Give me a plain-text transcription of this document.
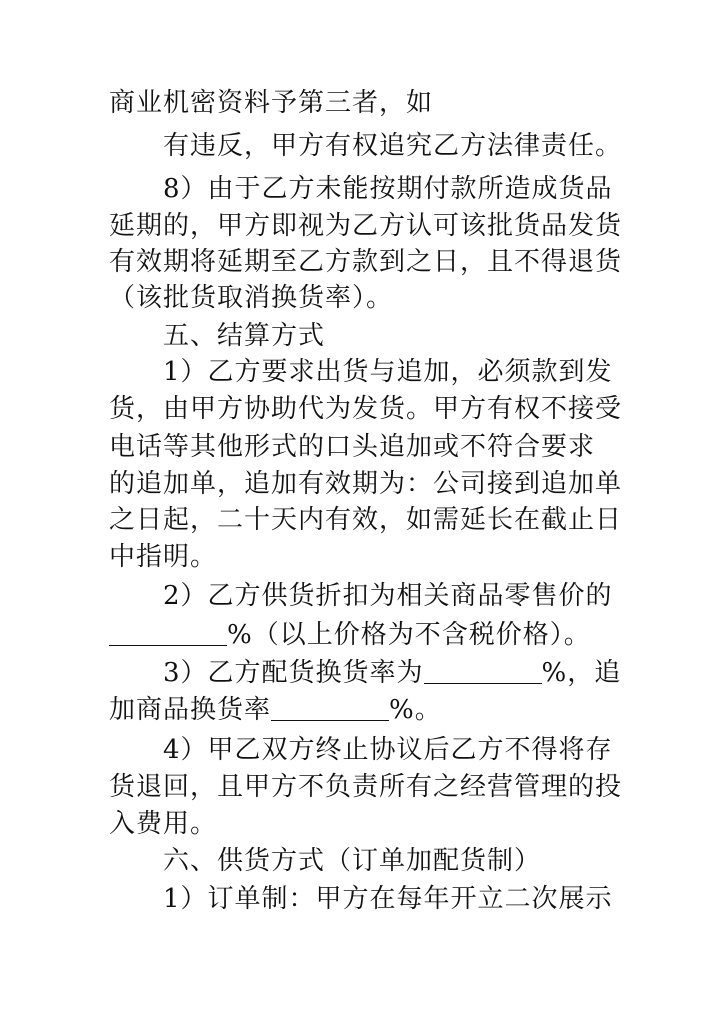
商业机密资料予第三者，如
有违反，甲方有权追究乙方法律责任。
8）由于乙方未能按期付款所造成货品
延期的，甲方即视为乙方认可该批货品发货
有效期将延期至乙方款到之日，且不得退货
（该批货取消换货率）。
五、结算方式
1）乙方要求出货与追加，必须款到发
货，由甲方协助代为发货。甲方有权不接受
电话等其他形式的口头追加或不符合要求
的追加单，追加有效期为：公司接到追加单
之日起，二十天内有效，如需延长在截止日
中指明。
2）乙方供货折扣为相关商品零售价的
%（以上价格为不含税价格）。
3）乙方配货换货率为	%，追
加商品换货率	%。
4）甲乙双方终止协议后乙方不得将存
货退回，且甲方不负责所有之经营管理的投
入费用。
六、供货方式（订单加配货制）
1）订单制：甲方在每年开立二次展示
